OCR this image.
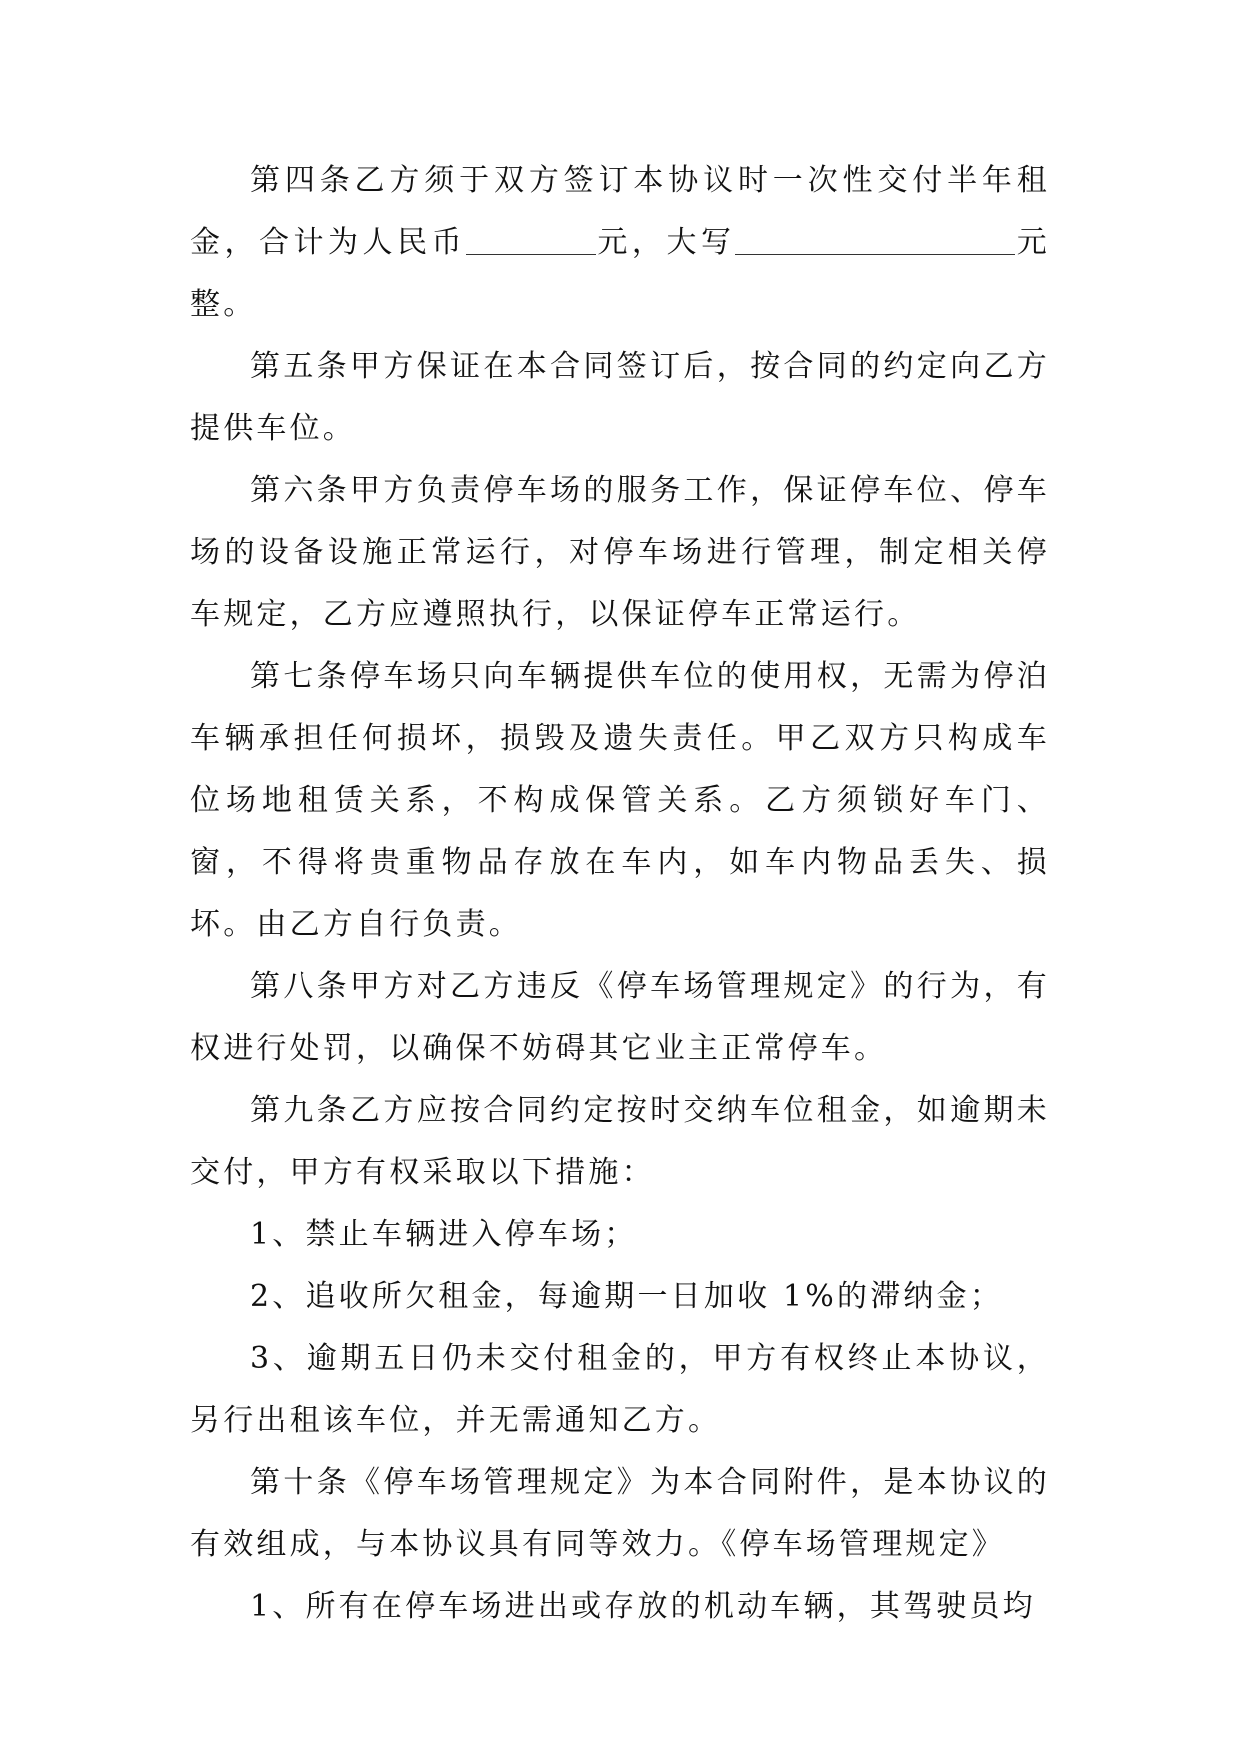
第四条乙方须于双方签订本协议时一次性交付半年租金，合计为人民币	元，大写	元整。

第五条甲方保证在本合同签订后，按合同的约定向乙方提供车位。

第六条甲方负责停车场的服务工作，保证停车位、停车场的设备设施正常运行，对停车场进行管理，制定相关停车规定，乙方应遵照执行，以保证停车正常运行。

第七条停车场只向车辆提供车位的使用权，无需为停泊车辆承担任何损坏，损毁及遗失责任。甲乙双方只构成车位场地租赁关系，不构成保管关系。乙方须锁好车门、窗，不得将贵重物品存放在车内，如车内物品丢失、损坏。由乙方自行负责。

第八条甲方对乙方违反《停车场管理规定》的行为，有权进行处罚，以确保不妨碍其它业主正常停车。

第九条乙方应按合同约定按时交纳车位租金，如逾期未交付，甲方有权采取以下措施：

1、禁止车辆进入停车场；

2、追收所欠租金，每逾期一日加收 1%的滞纳金；

3、逾期五日仍未交付租金的，甲方有权终止本协议，另行出租该车位，并无需通知乙方。

第十条《停车场管理规定》为本合同附件，是本协议的有效组成，与本协议具有同等效力。《停车场管理规定》

1、所有在停车场进出或存放的机动车辆，其驾驶员均
